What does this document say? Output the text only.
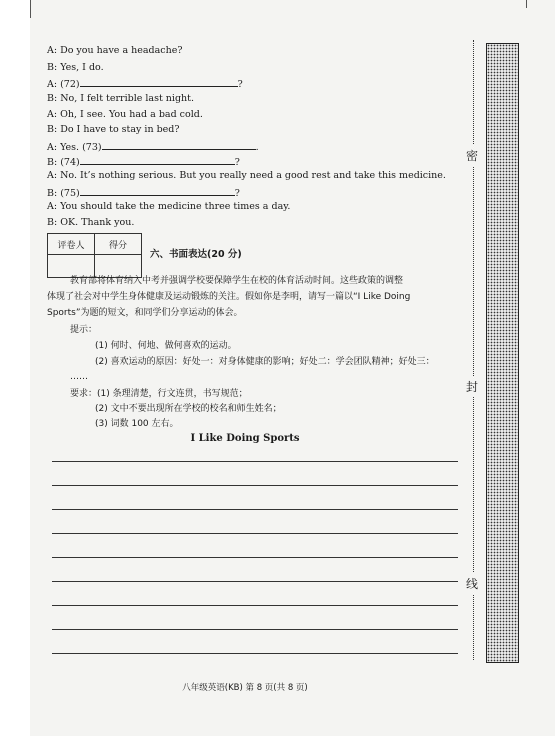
A: Do you have a headache?
B: Yes, I do.
A: (72)	?
B: No, I felt terrible last night.
A: Oh, I see. You had a bad cold.
B: Do I have to stay in bed?
A: Yes. (73)	.
B: (74)	?
A: No. It’s nothing serious. But you really need a good rest and take this medicine.
B: (75)	?
A: You should take the medicine three times a day.
B: OK. Thank you.
评卷人	得分

六、书面表达(20 分)
教育部将体育纳入中考并强调学校要保障学生在校的体育活动时间。这些政策的调整
体现了社会对中学生身体健康及运动锻炼的关注。假如你是李明，请写一篇以“I Like Doing
Sports”为题的短文，和同学们分享运动的体会。
提示：
(1) 何时、何地、做何喜欢的运动。
(2) 喜欢运动的原因：好处一：对身体健康的影响；好处二：学会团队精神；好处三：
……
要求：(1) 条理清楚，行文连贯，书写规范；
(2) 文中不要出现所在学校的校名和师生姓名；
(3) 词数 100 左右。
I Like Doing Sports
八年级英语(KB) 第 8 页(共 8 页)
密
封
线
